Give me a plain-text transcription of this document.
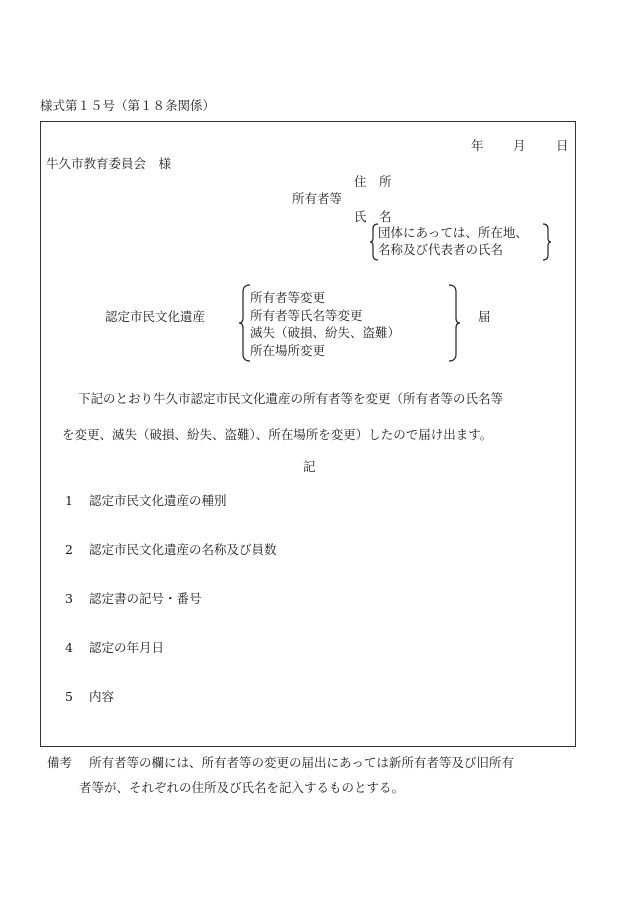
様式第１５号（第１８条関係）
年 月 日
牛久市教育委員会　様
住　所
所有者等
氏　名
団体にあっては、所在地、
名称及び代表者の氏名
認定市民文化遺産
所有者等変更
所有者等氏名等変更
滅失（破損、紛失、盗難）
所在場所変更
届
下記のとおり牛久市認定市民文化遺産の所有者等を変更（所有者等の氏名等
を変更、滅失（破損、紛失、盗難）、所在場所を変更）したので届け出ます。
記
1 認定市民文化遺産の種別
2 認定市民文化遺産の名称及び員数
3 認定書の記号・番号
4 認定の年月日
5 内容
備考 所有者等の欄には、所有者等の変更の届出にあっては新所有者等及び旧所有
者等が、それぞれの住所及び氏名を記入するものとする。
